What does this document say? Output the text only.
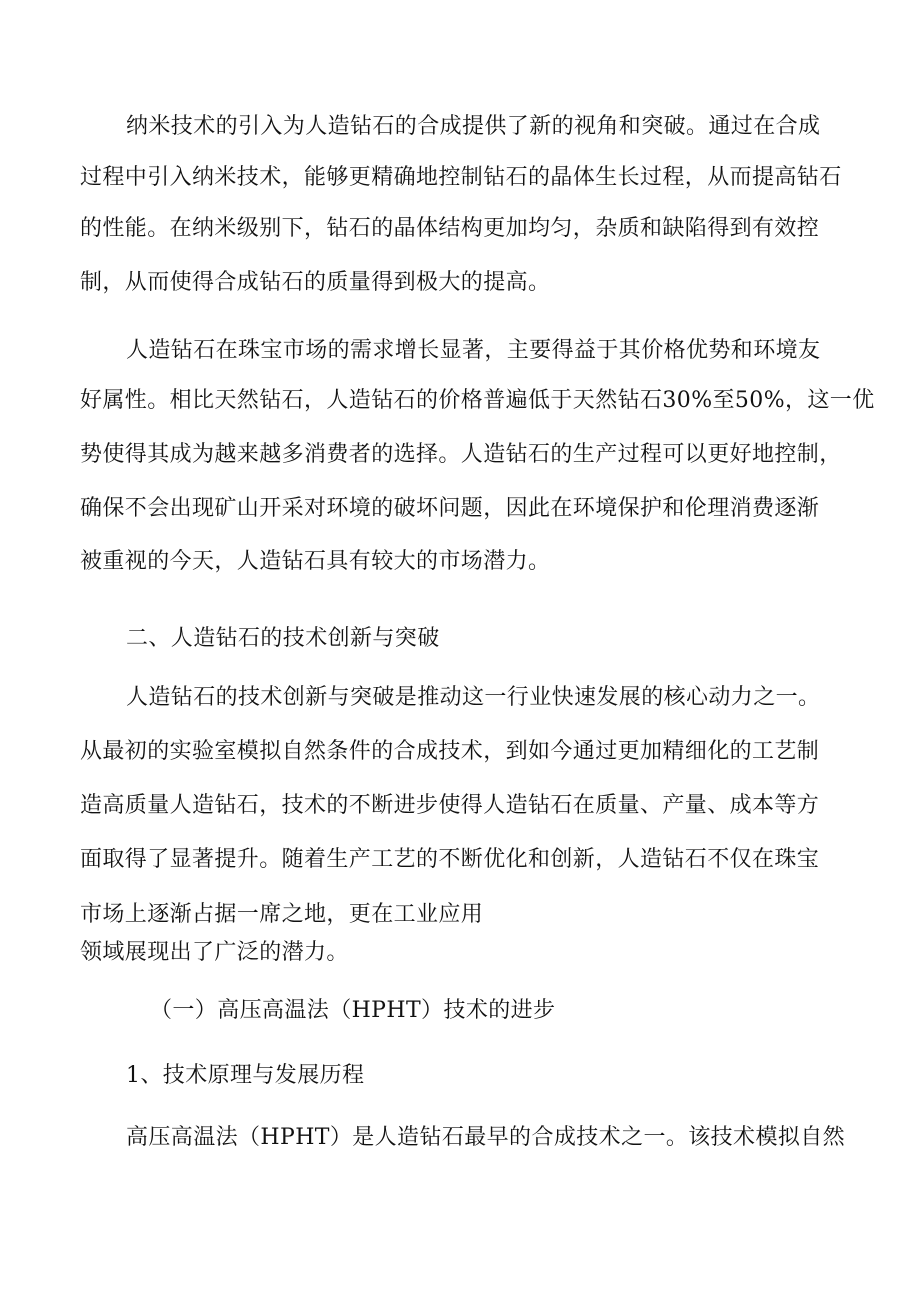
纳米技术的引入为人造钻石的合成提供了新的视角和突破。通过在合成
过程中引入纳米技术，能够更精确地控制钻石的晶体生长过程，从而提高钻石
的性能。在纳米级别下，钻石的晶体结构更加均匀，杂质和缺陷得到有效控
制，从而使得合成钻石的质量得到极大的提高。
人造钻石在珠宝市场的需求增长显著，主要得益于其价格优势和环境友
好属性。相比天然钻石，人造钻石的价格普遍低于天然钻石30%至50%，这一优
势使得其成为越来越多消费者的选择。人造钻石的生产过程可以更好地控制，
确保不会出现矿山开采对环境的破坏问题，因此在环境保护和伦理消费逐渐
被重视的今天，人造钻石具有较大的市场潜力。
二、人造钻石的技术创新与突破
人造钻石的技术创新与突破是推动这一行业快速发展的核心动力之一。
从最初的实验室模拟自然条件的合成技术，到如今通过更加精细化的工艺制
造高质量人造钻石，技术的不断进步使得人造钻石在质量、产量、成本等方
面取得了显著提升。随着生产工艺的不断优化和创新，人造钻石不仅在珠宝
市场上逐渐占据一席之地，更在工业应用
领域展现出了广泛的潜力。
（一）高压高温法（HPHT）技术的进步
1、技术原理与发展历程
高压高温法（HPHT）是人造钻石最早的合成技术之一。该技术模拟自然
